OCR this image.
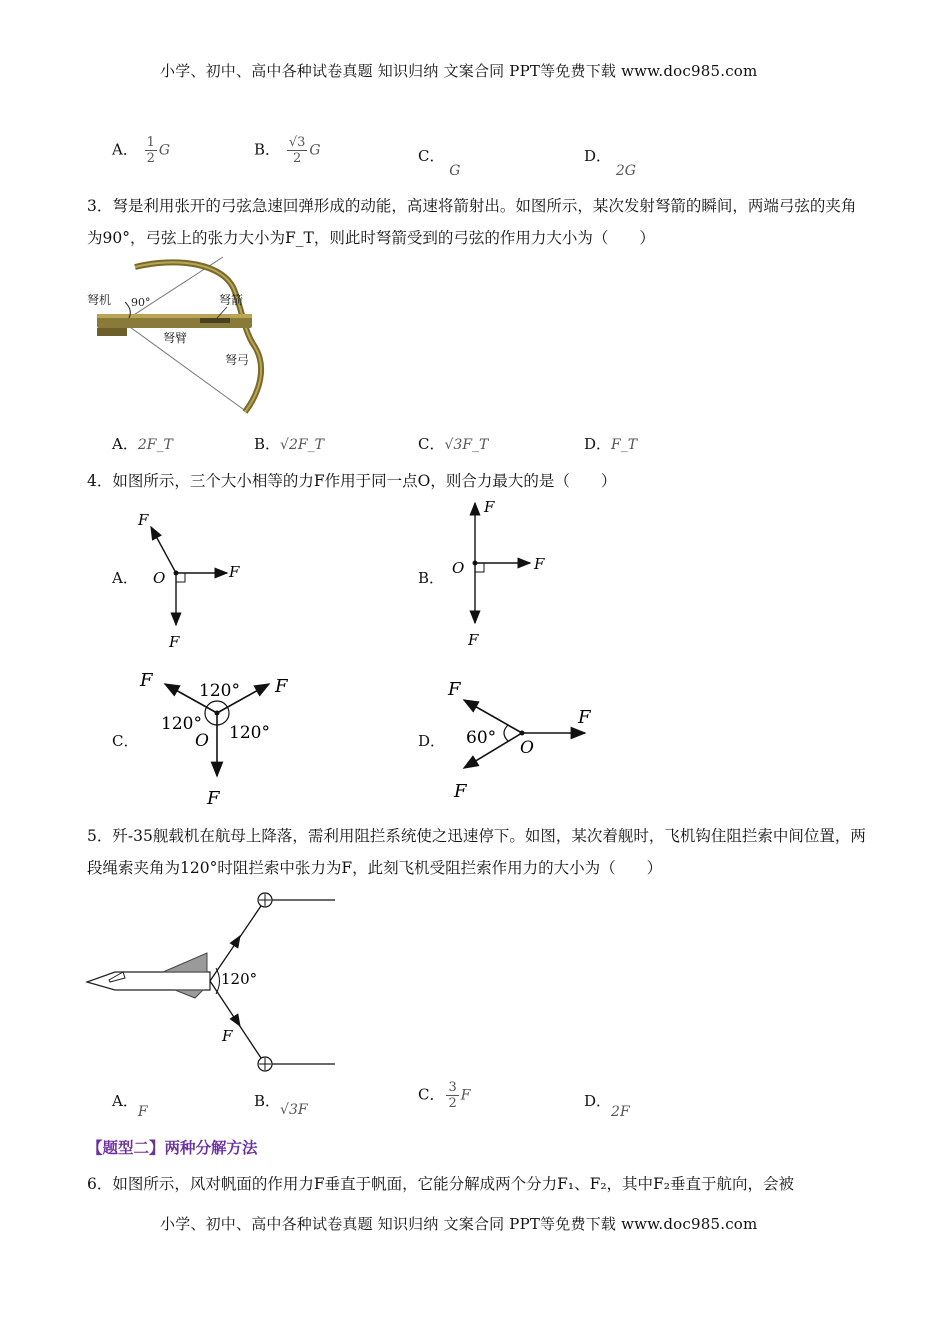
小学、初中、高中各种试卷真题 知识归纳 文案合同 PPT等免费下载 www.doc985.com
A． $\frac{1}{2}$ G	B． $\frac{√3}{2}$ G	C． G
D． 2G
3．弩是利用张开的弓弦急速回弹形成的动能，高速将箭射出。如图所示，某次发射弩箭的瞬间，两端弓弦的夹角为90°，弓弦上的张力大小为F_T，则此时弩箭受到的弓弦的作用力大小为（　　）
弩机 90°	弩箭
弩臂
弩弓
A．2F_T	B．√2F_T	C．√3F_T	D．F_T
4．如图所示，三个大小相等的力F作用于同一点O，则合力最大的是（　　）
A．
F
F
F
O	B．
F
F
F
O
C．
F	F
F
120°
120° 120°
O	D．
F
F
F
60° O
5．歼-35舰载机在航母上降落，需利用阻拦系统使之迅速停下。如图，某次着舰时，飞机钩住阻拦索中间位置，两段绳索夹角为120°时阻拦索中张力为F，此刻飞机受阻拦索作用力的大小为（　　）
120°
F
A．F
B．√3F
C． $\frac{3}{2}$ F	D．2F
【题型二】两种分解方法
6．如图所示，风对帆面的作用力F垂直于帆面，它能分解成两个分力F₁、F₂，其中F₂垂直于航向，会被
小学、初中、高中各种试卷真题 知识归纳 文案合同 PPT等免费下载 www.doc985.com
